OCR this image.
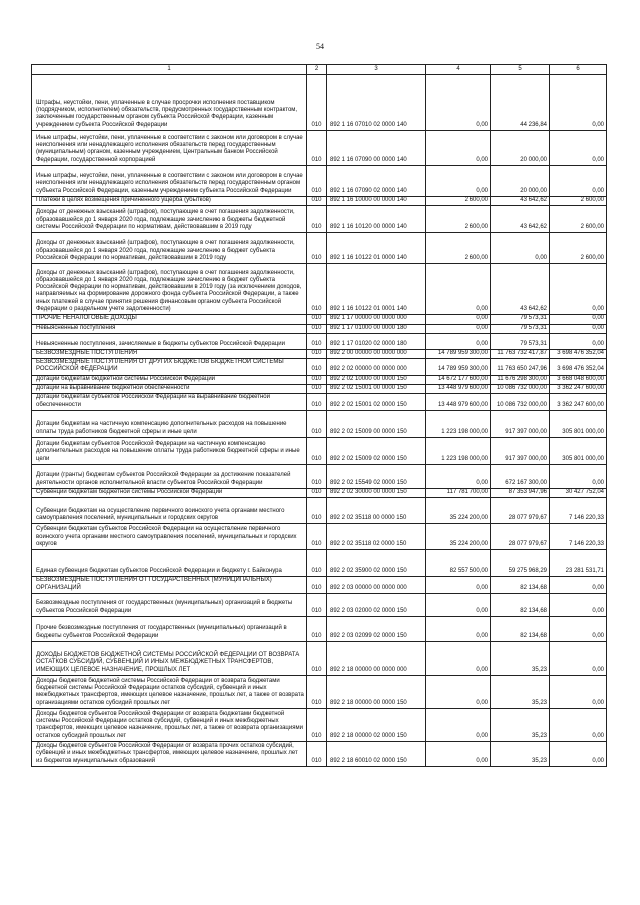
54
1	2	3	4	5	6
Штрафы, неустойки, пени, уплаченные в случае просрочки исполнения поставщиком (подрядчиком, исполнителем) обязательств, предусмотренных государственным контрактом, заключенным государственным органом субъекта Российской Федерации, казенным учреждением субъекта Российской Федерации	010	892 1 16 07010 02 0000 140	0,00	44 236,84	0,00
Иные штрафы, неустойки, пени, уплаченные в соответствии с законом или договором в случае неисполнения или ненадлежащего исполнения обязательств перед государственным (муниципальным) органом, казенным учреждением, Центральным банком Российской Федерации, государственной корпорацией	010	892 1 16 07090 00 0000 140	0,00	20 000,00	0,00
Иные штрафы, неустойки, пени, уплаченные в соответствии с законом или договором в случае неисполнения или ненадлежащего исполнения обязательств перед государственным органом субъекта Российской Федерации, казенным учреждением субъекта Российской Федерации	010	892 1 16 07090 02 0000 140	0,00	20 000,00	0,00
Платежи в целях возмещения причиненного ущерба (убытков)	010	892 1 16 10000 00 0000 140	2 600,00	43 642,62	2 600,00
Доходы от денежных взысканий (штрафов), поступающие в счет погашения задолженности, образовавшейся до 1 января 2020 года, подлежащие зачислению в бюджеты бюджетной системы Российской Федерации по нормативам, действовавшим в 2019 году	010	892 1 16 10120 00 0000 140	2 600,00	43 642,62	2 600,00
Доходы от денежных взысканий (штрафов), поступающие в счет погашения задолженности, образовавшейся до 1 января 2020 года, подлежащие зачислению в бюджет субъекта Российской Федерации по нормативам, действовавшим в 2019 году	010	892 1 16 10122 01 0000 140	2 600,00	0,00	2 600,00
Доходы от денежных взысканий (штрафов), поступающие в счет погашения задолженности, образовавшейся до 1 января 2020 года, подлежащие зачислению в бюджет субъекта Российской Федерации по нормативам, действовавшим в 2019 году (за исключением доходов, направляемых на формирование дорожного фонда субъекта Российской Федерации, а также иных платежей в случае принятия решения финансовым органом субъекта Российской Федерации о раздельном учете задолженности)	010	892 1 16 10122 01 0001 140	0,00	43 642,62	0,00
ПРОЧИЕ НЕНАЛОГОВЫЕ ДОХОДЫ	010	892 1 17 00000 00 0000 000	0,00	79 573,31	0,00
Невыясненные поступления	010	892 1 17 01000 00 0000 180	0,00	79 573,31	0,00
Невыясненные поступления, зачисляемые в бюджеты субъектов Российской Федерации	010	892 1 17 01020 02 0000 180	0,00	79 573,31	0,00
БЕЗВОЗМЕЗДНЫЕ ПОСТУПЛЕНИЯ	010	892 2 00 00000 00 0000 000	14 789 959 300,00	11 763 732 417,87	3 698 476 352,04
БЕЗВОЗМЕЗДНЫЕ ПОСТУПЛЕНИЯ ОТ ДРУГИХ БЮДЖЕТОВ БЮДЖЕТНОЙ СИСТЕМЫ РОССИЙСКОЙ ФЕДЕРАЦИИ	010	892 2 02 00000 00 0000 000	14 789 959 300,00	11 763 650 247,96	3 698 476 352,04
Дотации бюджетам бюджетной системы Российской Федерации	010	892 2 02 10000 00 0000 150	14 672 177 600,00	11 676 298 300,00	3 668 048 600,00
Дотации на выравнивание бюджетной обеспеченности	010	892 2 02 15001 00 0000 150	13 448 979 600,00	10 086 732 000,00	3 362 247 600,00
Дотации бюджетам субъектов Российской Федерации на выравнивание бюджетной обеспеченности	010	892 2 02 15001 02 0000 150	13 448 979 600,00	10 086 732 000,00	3 362 247 600,00
Дотации бюджетам на частичную компенсацию дополнительных расходов на повышение оплаты труда работников бюджетной сферы и иные цели	010	892 2 02 15009 00 0000 150	1 223 198 000,00	917 397 000,00	305 801 000,00
Дотации бюджетам субъектов Российской Федерации на частичную компенсацию дополнительных расходов на повышение оплаты труда работников бюджетной сферы и иные цели	010	892 2 02 15009 02 0000 150	1 223 198 000,00	917 397 000,00	305 801 000,00
Дотации (гранты) бюджетам субъектов Российской Федерации за достижение показателей деятельности органов исполнительной власти субъектов Российской Федерации	010	892 2 02 15549 02 0000 150	0,00	672 167 300,00	0,00
Субвенции бюджетам бюджетной системы Российской Федерации	010	892 2 02 30000 00 0000 150	117 781 700,00	87 353 947,96	30 427 752,04
Субвенции бюджетам на осуществление первичного воинского учета органами местного самоуправления поселений, муниципальных и городских округов	010	892 2 02 35118 00 0000 150	35 224 200,00	28 077 979,67	7 146 220,33
Субвенции бюджетам субъектов Российской Федерации на осуществление первичного воинского учета органами местного самоуправления поселений, муниципальных и городских округов	010	892 2 02 35118 02 0000 150	35 224 200,00	28 077 979,67	7 146 220,33
Единая субвенция бюджетам субъектов Российской Федерации и бюджету г. Байконура	010	892 2 02 35900 02 0000 150	82 557 500,00	59 275 968,29	23 281 531,71
БЕЗВОЗМЕЗДНЫЕ ПОСТУПЛЕНИЯ ОТ ГОСУДАРСТВЕННЫХ (МУНИЦИПАЛЬНЫХ) ОРГАНИЗАЦИЙ	010	892 2 03 00000 00 0000 000	0,00	82 134,68	0,00
Безвозмездные поступления от государственных (муниципальных) организаций в бюджеты субъектов Российской Федерации	010	892 2 03 02000 02 0000 150	0,00	82 134,68	0,00
Прочие безвозмездные поступления от государственных (муниципальных) организаций в бюджеты субъектов Российской Федерации	010	892 2 03 02099 02 0000 150	0,00	82 134,68	0,00
ДОХОДЫ БЮДЖЕТОВ БЮДЖЕТНОЙ СИСТЕМЫ РОССИЙСКОЙ ФЕДЕРАЦИИ ОТ ВОЗВРАТА ОСТАТКОВ СУБСИДИЙ, СУБВЕНЦИЙ И ИНЫХ МЕЖБЮДЖЕТНЫХ ТРАНСФЕРТОВ, ИМЕЮЩИХ ЦЕЛЕВОЕ НАЗНАЧЕНИЕ, ПРОШЛЫХ ЛЕТ	010	892 2 18 00000 00 0000 000	0,00	35,23	0,00
Доходы бюджетов бюджетной системы Российской Федерации от возврата бюджетами бюджетной системы Российской Федерации остатков субсидий, субвенций и иных межбюджетных трансфертов, имеющих целевое назначение, прошлых лет, а также от возврата организациями остатков субсидий прошлых лет	010	892 2 18 00000 00 0000 150	0,00	35,23	0,00
Доходы бюджетов субъектов Российской Федерации от возврата бюджетами бюджетной системы Российской Федерации остатков субсидий, субвенций и иных межбюджетных трансфертов, имеющих целевое назначение, прошлых лет, а также от возврата организациями остатков субсидий прошлых лет	010	892 2 18 00000 02 0000 150	0,00	35,23	0,00
Доходы бюджетов субъектов Российской Федерации от возврата прочих остатков субсидий, субвенций и иных межбюджетных трансфертов, имеющих целевое назначение, прошлых лет из бюджетов муниципальных образований	010	892 2 18 60010 02 0000 150	0,00	35,23	0,00
